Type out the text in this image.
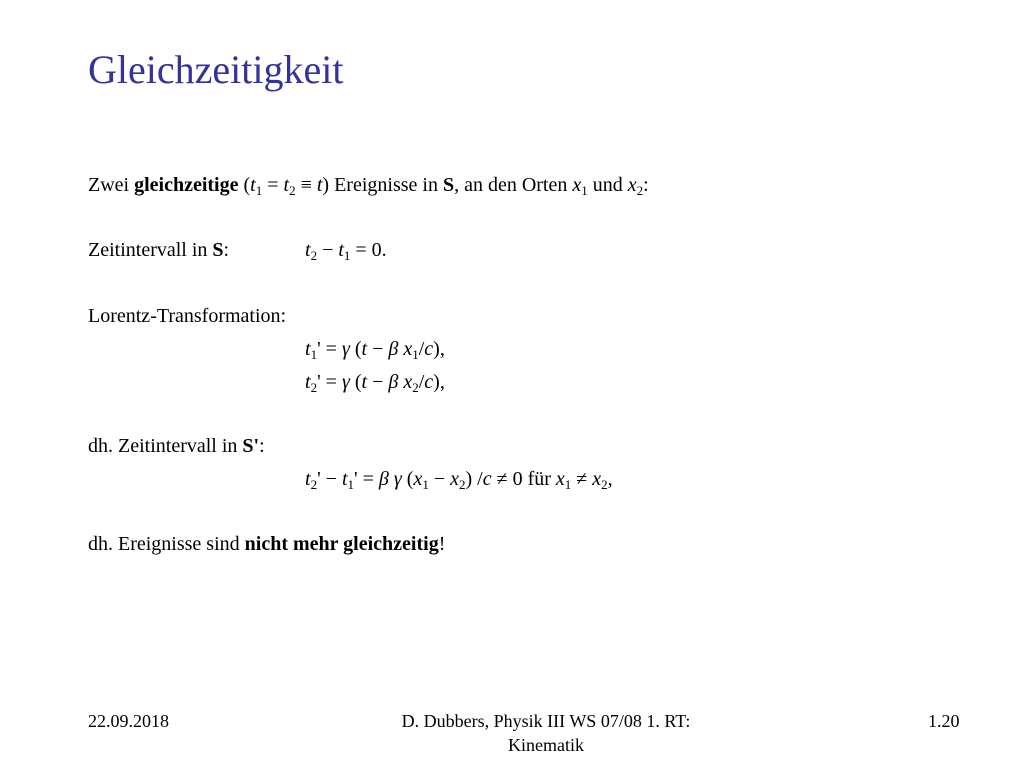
Gleichzeitigkeit
Zwei gleichzeitige $(t_1 = t_2 \equiv t)$ Ereignisse in S, an den Orten $x_1$ und $x_2$:
Zeitintervall in S:	$t_2 - t_1 = 0$.
Lorentz-Transformation:
$t_1' = \gamma$ (t − β $x_1/c$),
$t_2' = \gamma$ (t − β $x_2/c$),
dh. Zeitintervall in S':
$t_2' - t_1' = \beta$ γ $(x_1 - x_2) /c \ne 0$ für $x_1 \ne x_2$,
dh. Ereignisse sind nicht mehr gleichzeitig!
22.09.2018	D. Dubbers, Physik III WS 07/08 1. RT:
Kinematik
1.20
